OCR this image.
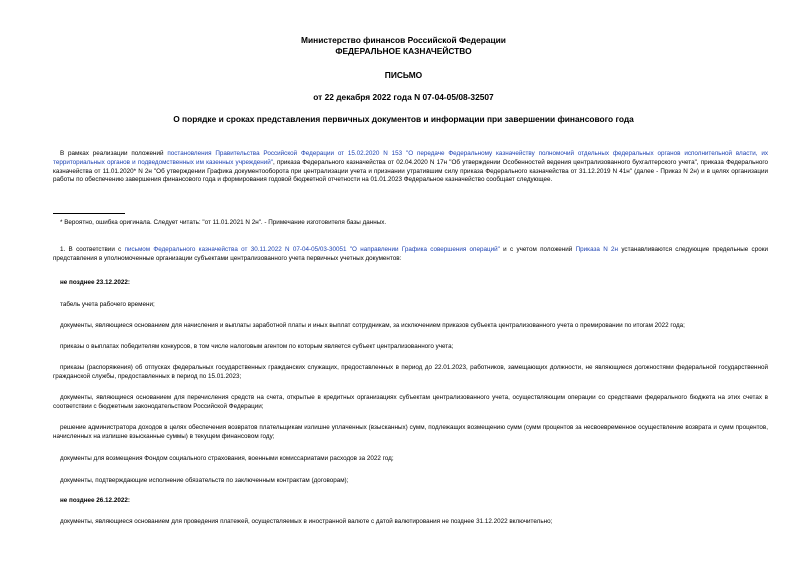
Министерство финансов Российской Федерации
ФЕДЕРАЛЬНОЕ КАЗНАЧЕЙСТВО
ПИСЬМО
от 22 декабря 2022 года N 07-04-05/08-32507
О порядке и сроках представления первичных документов и информации при завершении финансового года
В рамках реализации положений постановления Правительства Российской Федерации от 15.02.2020 N 153 "О передаче Федеральному казначейству полномочий отдельных федеральных органов исполнительной власти, их территориальных органов и подведомственных им казенных учреждений", приказа Федерального казначейства от 02.04.2020 N 17н "Об утверждении Особенностей ведения централизованного бухгалтерского учета", приказа Федерального казначейства от 11.01.2020* N 2н "Об утверждении Графика документооборота при централизации учета и признании утратившим силу приказа Федерального казначейства от 31.12.2019 N 41н" (далее - Приказ N 2н) и в целях организации работы по обеспечению завершения финансового года и формирования годовой бюджетной отчетности на 01.01.2023 Федеральное казначейство сообщает следующее.
* Вероятно, ошибка оригинала. Следует читать: "от 11.01.2021 N 2н". - Примечание изготовителя базы данных.
1. В соответствии с письмом Федерального казначейства от 30.11.2022 N 07-04-05/03-30051 "О направлении Графика совершения операций" и с учетом положений Приказа N 2н устанавливаются следующие предельные сроки представления в уполномоченные организации субъектами централизованного учета первичных учетных документов:
не позднее 23.12.2022:
табель учета рабочего времени;
документы, являющиеся основанием для начисления и выплаты заработной платы и иных выплат сотрудникам, за исключением приказов субъекта централизованного учета о премировании по итогам 2022 года;
приказы о выплатах победителям конкурсов, в том числе налоговым агентом по которым является субъект централизованного учета;
приказы (распоряжения) об отпусках федеральных государственных гражданских служащих, предоставленных в период до 22.01.2023, работников, замещающих должности, не являющиеся должностями федеральной государственной гражданской службы, предоставленных в период по 15.01.2023;
документы, являющиеся основанием для перечисления средств на счета, открытые в кредитных организациях субъектам централизованного учета, осуществляющим операции со средствами федерального бюджета на этих счетах в соответствии с бюджетным законодательством Российской Федерации;
решение администратора доходов в целях обеспечения возвратов плательщикам излишне уплаченных (взысканных) сумм, подлежащих возмещению сумм (сумм процентов за несвоевременное осуществление возврата и сумм процентов, начисленных на излишне взысканные суммы) в текущем финансовом году;
документы для возмещения Фондом социального страхования, военными комиссариатами расходов за 2022 год;
документы, подтверждающие исполнение обязательств по заключенным контрактам (договорам);
не позднее 26.12.2022:
документы, являющиеся основанием для проведения платежей, осуществляемых в иностранной валюте с датой валютирования не позднее 31.12.2022 включительно;
